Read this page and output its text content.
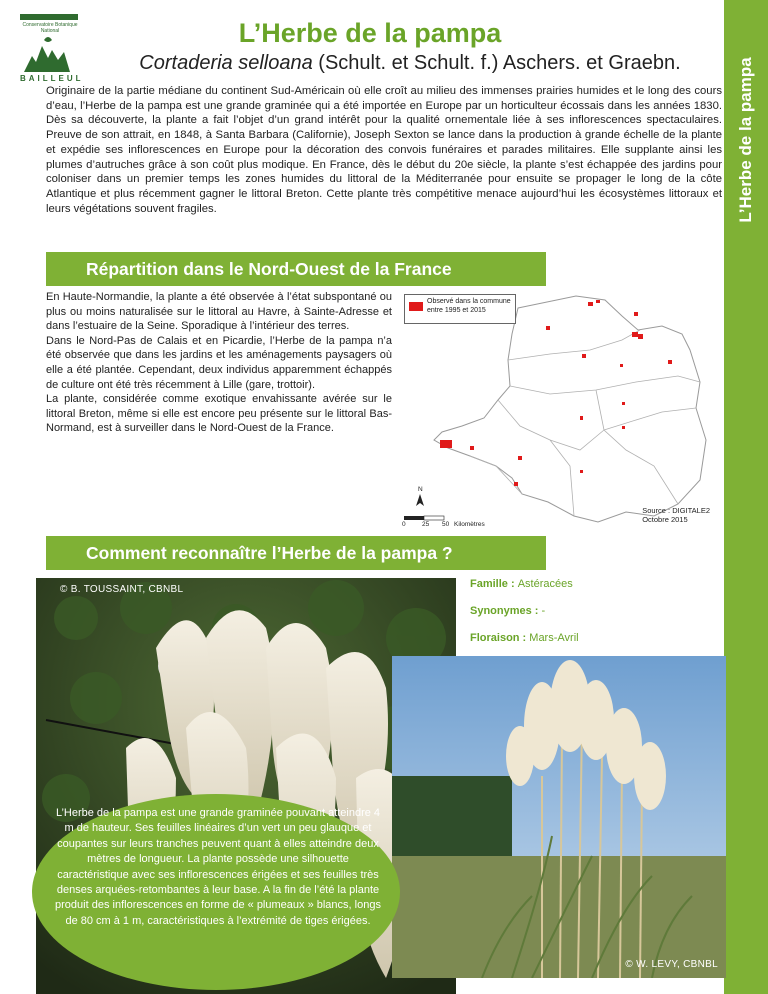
L’Herbe de la pampa
Conservatoire Botanique National
BAILLEUL
L’Herbe de la pampa
Cortaderia selloana (Schult. et Schult. f.) Aschers. et Graebn.
Originaire de la partie médiane du continent Sud-Américain où elle croît au milieu des immenses prairies humides et le long des cours d’eau, l’Herbe de la pampa est une grande graminée qui a été importée en Europe par un horticulteur écossais dans les années 1830. Dès sa découverte, la plante a fait l’objet d’un grand intérêt pour la qualité ornementale liée à ses inflorescences spectaculaires. Preuve de son attrait, en 1848, à Santa Barbara (Californie), Joseph Sexton se lance dans la production à grande échelle de la plante et expédie ses inflorescences en Europe pour la décoration des convois funéraires et parades militaires. Elle supplante ainsi les plumes d’autruches grâce à son coût plus modique. En France, dès le début du 20e siècle, la plante s’est échappée des jardins pour coloniser dans un premier temps les zones humides du littoral de la Méditerranée pour ensuite se propager le long de la côte Atlantique et plus récemment gagner le littoral Breton. Cette plante très compétitive menace aujourd’hui les écosystèmes littoraux et leurs végétations souvent fragiles.
Répartition dans le Nord-Ouest de la France

En Haute-Normandie, la plante a été observée à l’état subspontané ou plus ou moins naturalisée sur le littoral au Havre, à Sainte-Adresse et dans l’estuaire de la Seine. Sporadique à l’intérieur des terres.

Dans le Nord-Pas de Calais et en Picardie, l’Herbe de la pampa n’a été observée que dans les jardins et les aménagements paysagers où elle a été plantée. Cependant, deux individus apparemment échappés de culture ont été très récemment à Lille (gare, trottoir).

La plante, considérée comme exotique envahissante avérée sur le littoral Breton, même si elle est encore peu présente sur le littoral Bas-Normand, est à surveiller dans le Nord-Ouest de la France.

Observé dans la commune
entre 1995 et 2015
N
0	25 50 Kilomètres
Source : DIGITALE2
Octobre 2015
Comment reconnaître l’Herbe de la pampa ?
© B. TOUSSAINT, CBNBL	Famille : Astéracées
Synonymes : -
Floraison : Mars-Avril
© W. LEVY, CBNBL
L’Herbe de la pampa est une grande graminée pouvant atteindre 4 m de hauteur. Ses feuilles linéaires d’un vert un peu glauque et coupantes sur leurs tranches peuvent quant à elles atteindre deux mètres de longueur. La plante possède une silhouette caractéristique avec ses inflorescences érigées et ses feuilles très denses arquées-retombantes à leur base. A la fin de l’été la plante produit des inflorescences en forme de « plumeaux » blancs, longs de 80 cm à 1 m, caractéristiques à l’extrémité de tiges érigées.
